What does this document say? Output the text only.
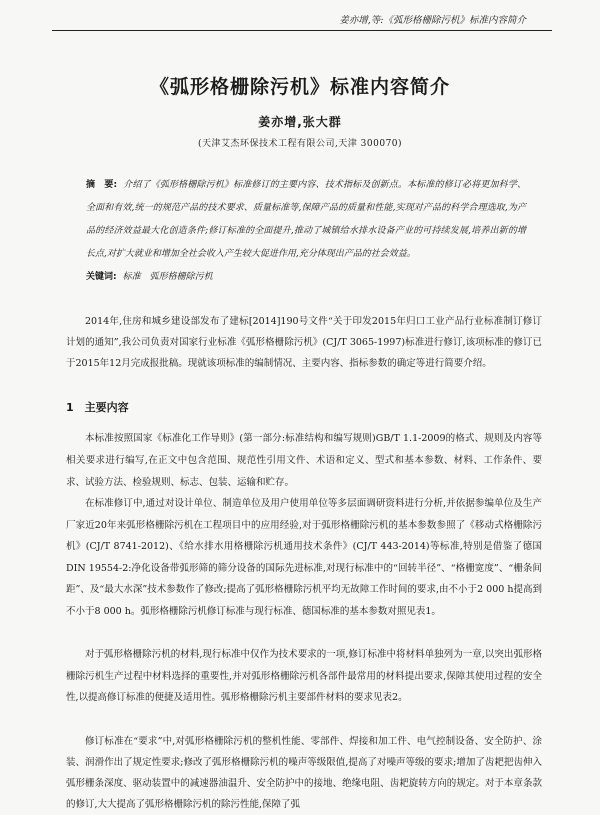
姜亦增,等:《弧形格栅除污机》标准内容简介
《弧形格栅除污机》标准内容简介
姜亦增,张大群
(天津艾杰环保技术工程有限公司,天津 300070)
摘　要: 介绍了《弧形格栅除污机》标准修订的主要内容、技术指标及创新点。本标准的修订必将更加科学、全面和有效,统一的规范产品的技术要求、质量标准等,保障产品的质量和性能,实现对产品的科学合理选取,为产品的经济效益最大化创造条件;修订标准的全面提升,推动了城镇给水排水设备产业的可持续发展,培养出新的增长点,对扩大就业和增加全社会收入产生较大促进作用,充分体现出产品的社会效益。
关键词: 标准　弧形格栅除污机

2014年,住房和城乡建设部发布了建标[2014]190号文件“关于印发2015年归口工业产品行业标准制订修订计划的通知”,我公司负责对国家行业标准《弧形格栅除污机》(CJ/T 3065-1997)标准进行修订,该项标准的修订已于2015年12月完成报批稿。现就该项标准的编制情况、主要内容、指标参数的确定等进行简要介绍。

1　主要内容

本标准按照国家《标准化工作导则》(第一部分:标准结构和编写规则)GB/T 1.1-2009的格式、规则及内容等相关要求进行编写,在正文中包含范围、规范性引用文件、术语和定义、型式和基本参数、材料、工作条件、要求、试验方法、检验规则、标志、包装、运输和贮存。

在标准修订中,通过对设计单位、制造单位及用户使用单位等多层面调研资料进行分析,并依据参编单位及生产厂家近20年来弧形格栅除污机在工程项目中的应用经验,对于弧形格栅除污机的基本参数参照了《移动式格栅除污机》(CJ/T 8741-2012)、《给水排水用格栅除污机通用技术条件》(CJ/T 443-2014)等标准,特别是借鉴了德国DIN 19554-2:净化设备带弧形筛的筛分设备的国际先进标准,对现行标准中的“回转半径”、“格栅宽度”、“栅条间距”、及“最大水深”技术参数作了修改;提高了弧形格栅除污机平均无故障工作时间的要求,由不小于2 000 h提高到不小于8 000 h。弧形格栅除污机修订标准与现行标准、德国标准的基本参数对照见表1。

对于弧形格栅除污机的材料,现行标准中仅作为技术要求的一项,修订标准中将材料单独列为一章,以突出弧形格栅除污机生产过程中材料选择的重要性,并对弧形格栅除污机各部件最常用的材料提出要求,保障其使用过程的安全性,以提高修订标准的便捷及适用性。弧形格栅除污机主要部件材料的要求见表2。

修订标准在“要求”中,对弧形格栅除污机的整机性能、零部件、焊接和加工件、电气控制设备、安全防护、涂装、润滑作出了规定性要求;修改了弧形格栅除污机的噪声等级限值,提高了对噪声等级的要求;增加了齿耙把齿伸入弧形栅条深度、驱动装置中的减速器油温升、安全防护中的接地、绝缘电阻、齿耙旋转方向的规定。对于本章条款的修订,大大提高了弧形格栅除污机的除污性能,保障了弧
